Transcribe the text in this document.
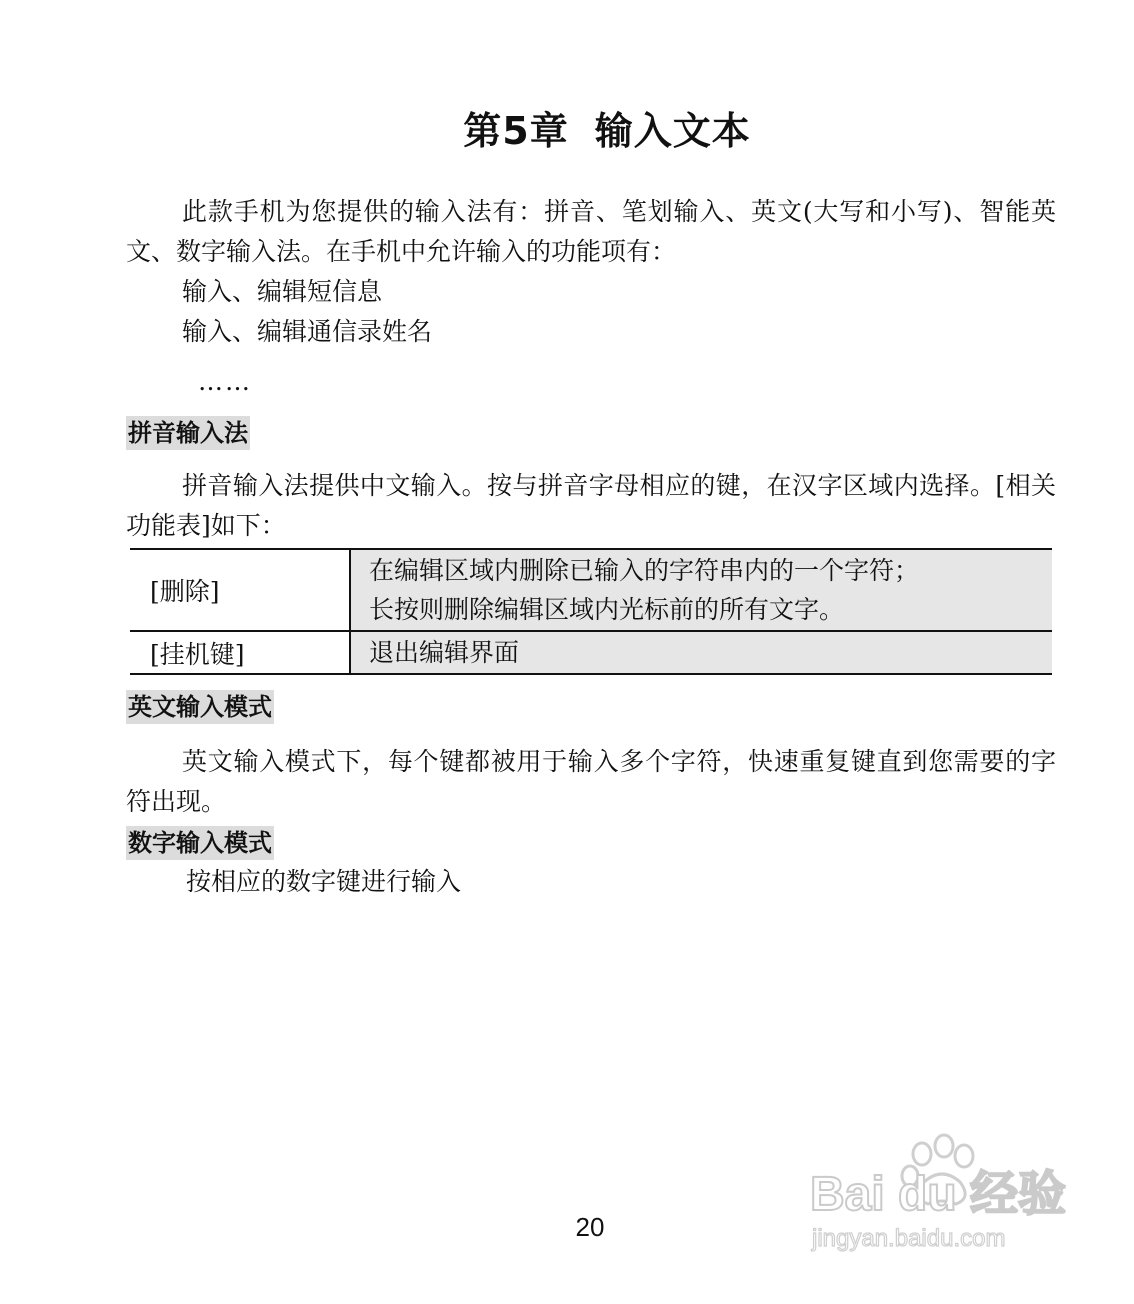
第5章 输入文本
此款手机为您提供的输入法有：拼音、笔划输入、英文(大写和小写)、智能英文、数字输入法。在手机中允许输入的功能项有：
输入、编辑短信息
输入、编辑通信录姓名
……
拼音输入法
拼音输入法提供中文输入。按与拼音字母相应的键，在汉字区域内选择。[相关功能表]如下：
[删除]	在编辑区域内删除已输入的字符串内的一个字符；
长按则删除编辑区域内光标前的所有文字。

[挂机键]	退出编辑界面
英文输入模式
英文输入模式下，每个键都被用于输入多个字符，快速重复键直到您需要的字符出现。
数字输入模式
按相应的数字键进行输入
20
Bai du 经验
jingyan.baidu.com
